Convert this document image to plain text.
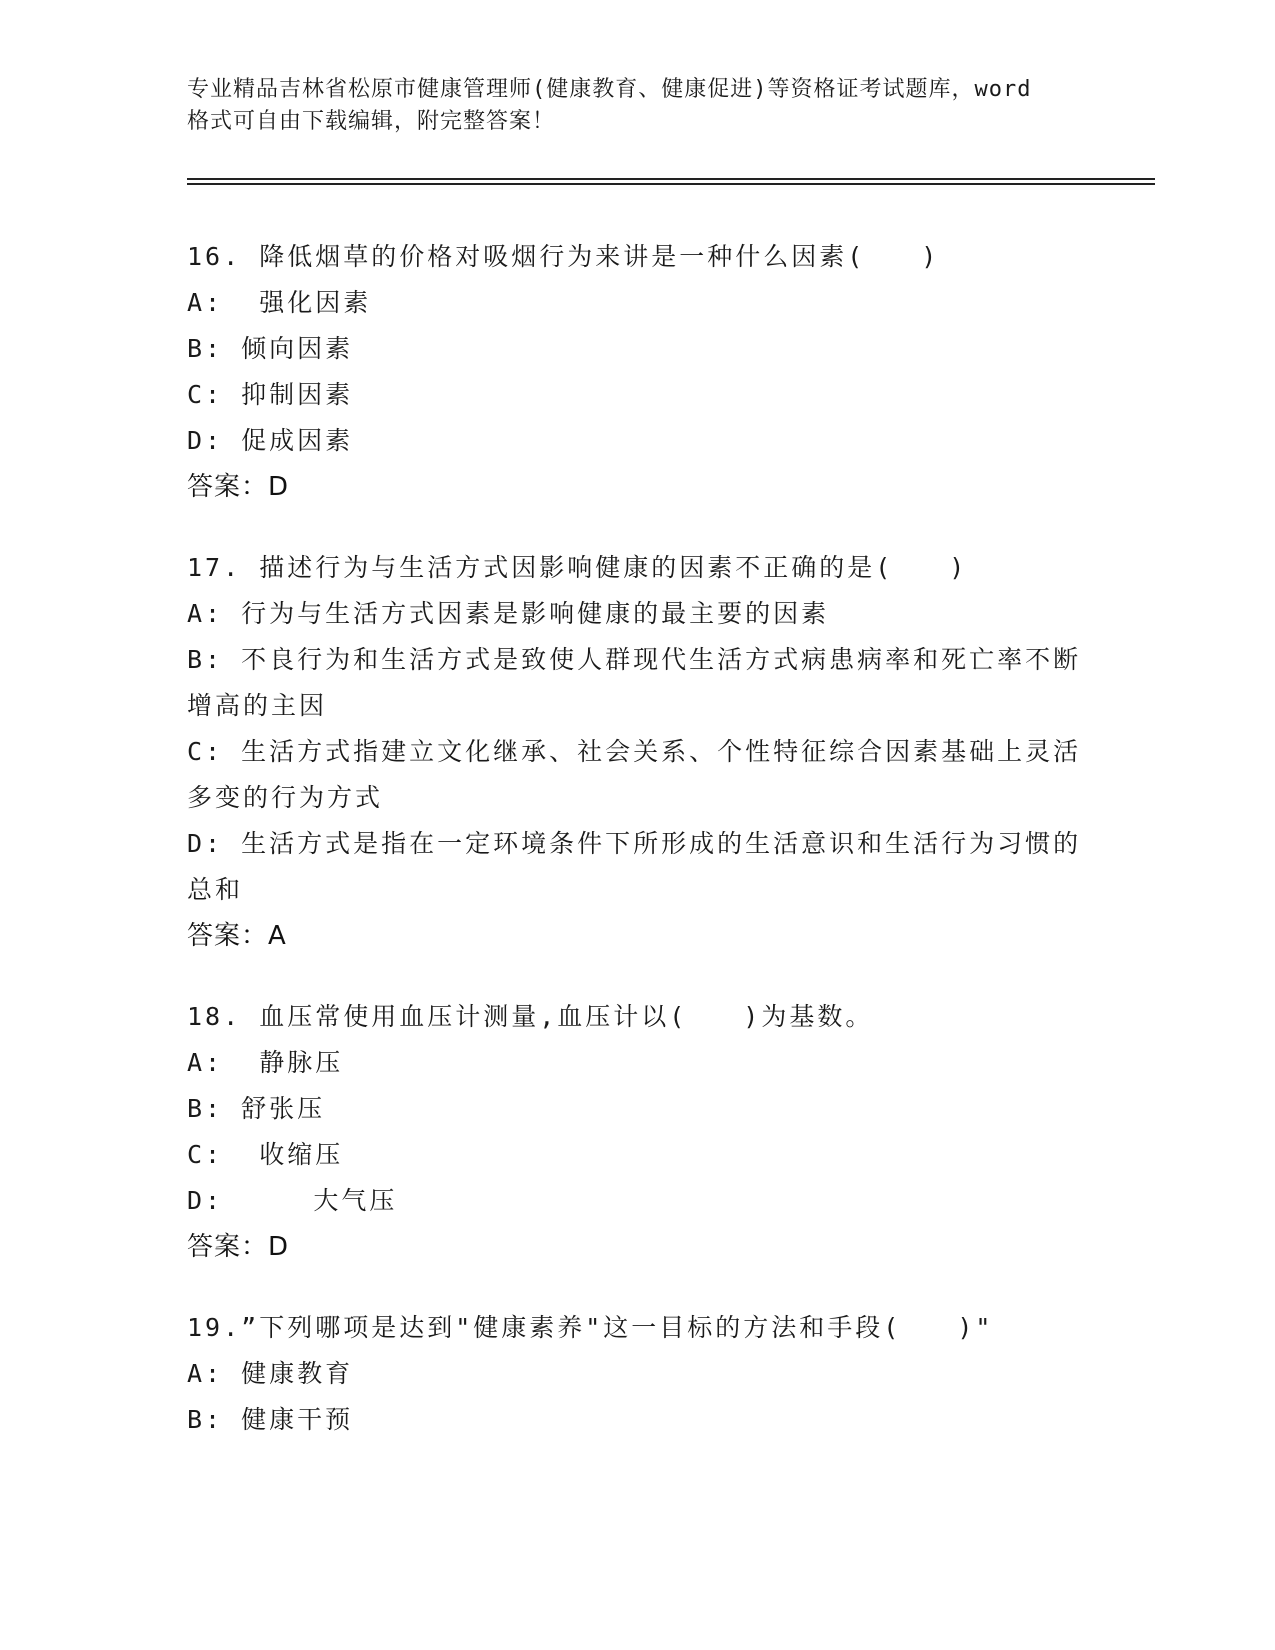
专业精品吉林省松原市健康管理师(健康教育、健康促进)等资格证考试题库，word
格式可自由下载编辑，附完整答案！
16. 降低烟草的价格对吸烟行为来讲是一种什么因素(　　)
A:  强化因素
B: 倾向因素
C: 抑制因素
D: 促成因素
答案：D
17. 描述行为与生活方式因影响健康的因素不正确的是(　　)
A: 行为与生活方式因素是影响健康的最主要的因素
B: 不良行为和生活方式是致使人群现代生活方式病患病率和死亡率不断增高的主因
C: 生活方式指建立文化继承、社会关系、个性特征综合因素基础上灵活多变的行为方式
D: 生活方式是指在一定环境条件下所形成的生活意识和生活行为习惯的总和
答案：A
18. 血压常使用血压计测量,血压计以(　　)为基数。
A:  静脉压
B: 舒张压
C:  收缩压
D:     大气压
答案：D
19.”下列哪项是达到"健康素养"这一目标的方法和手段(　　)"
A: 健康教育
B: 健康干预
